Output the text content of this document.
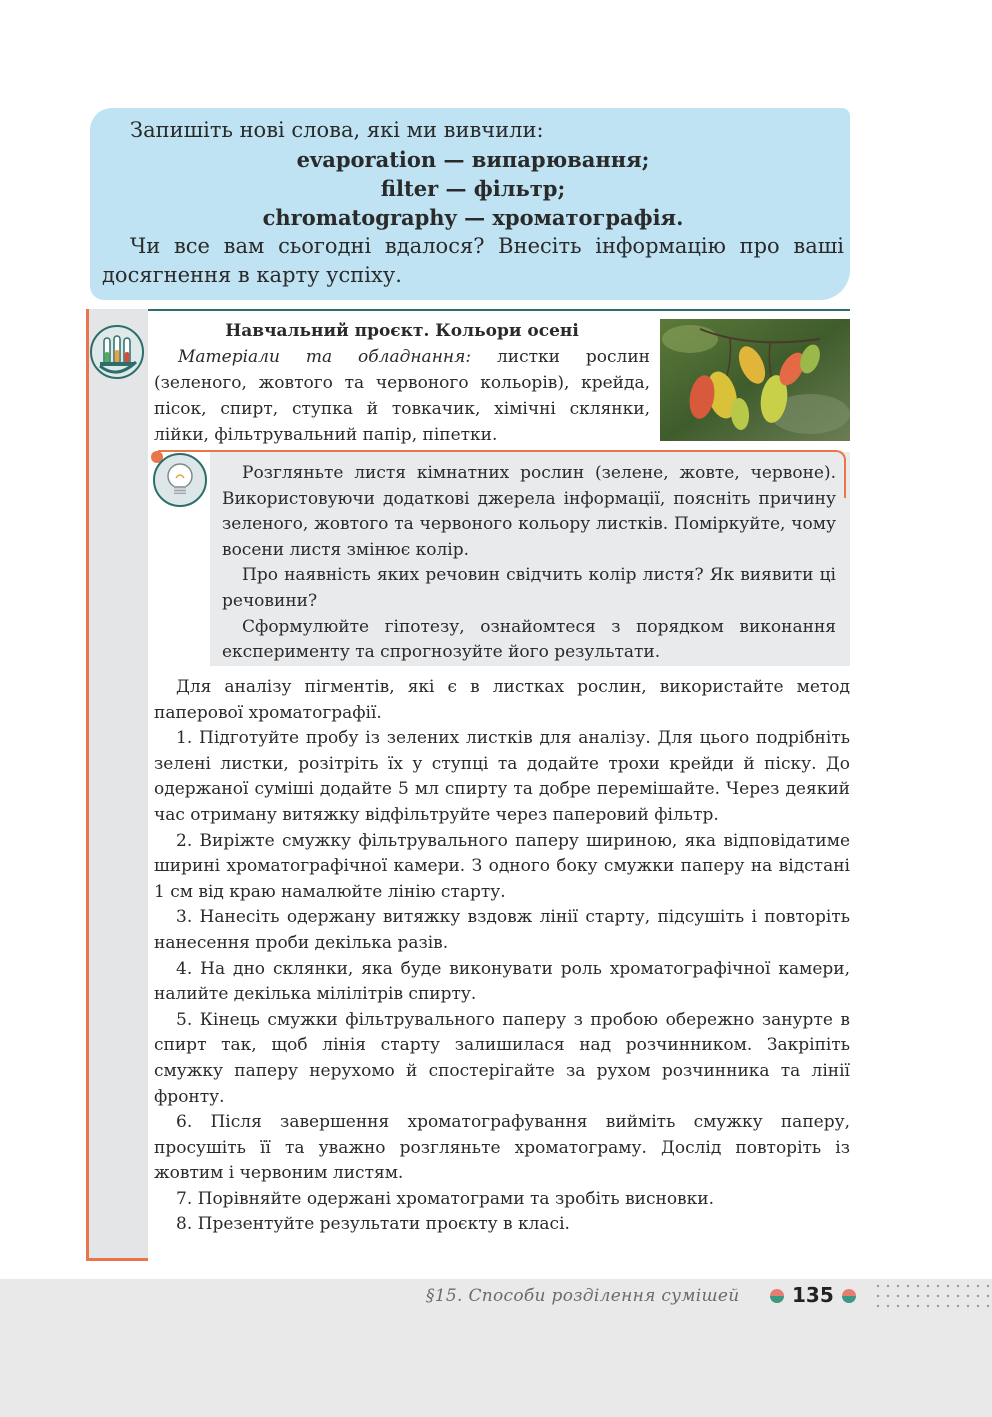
Запишіть нові слова, які ми вивчили:
evaporation — випарювання;
filter — фільтр;
chromatography — хроматографія.
Чи все вам сьогодні вдалося? Внесіть інформацію про ваші досягнення в карту успіху.
Навчальний проєкт. Кольори осені
Матеріали та обладнання: листки рослин (зеленого, жовтого та червоного кольорів), крейда, пісок, спирт, ступка й товкачик, хімічні склянки, лійки, фільтрувальний папір, піпетки.

Розгляньте листя кімнатних рослин (зелене, жовте, червоне). Використовуючи додаткові джерела інформації, поясніть причину зеленого, жовтого та червоного кольору листків. Поміркуйте, чому восени листя змінює колір.

Про наявність яких речовин свідчить колір листя? Як виявити ці речовини?

Сформулюйте гіпотезу, ознайомтеся з порядком виконання експерименту та спрогнозуйте його результати.

Для аналізу пігментів, які є в листках рослин, використайте метод паперової хроматографії.

1. Підготуйте пробу із зелених листків для аналізу. Для цього подрібніть зелені листки, розітріть їх у ступці та додайте трохи крейди й піску. До одержаної суміші додайте 5 мл спирту та добре перемішайте. Через деякий час отриману витяжку відфільтруйте через паперовий фільтр.

2. Виріжте смужку фільтрувального паперу шириною, яка відповідатиме ширині хроматографічної камери. З одного боку смужки паперу на відстані 1 см від краю намалюйте лінію старту.

3. Нанесіть одержану витяжку вздовж лінії старту, підсушіть і повторіть нанесення проби декілька разів.

4. На дно склянки, яка буде виконувати роль хроматографічної камери, налийте декілька мілілітрів спирту.

5. Кінець смужки фільтрувального паперу з пробою обережно занурте в спирт так, щоб лінія старту залишилася над розчинником. Закріпіть смужку паперу нерухомо й спостерігайте за рухом розчинника та лінії фронту.

6. Після завершення хроматографування вийміть смужку паперу, просушіть її та уважно розгляньте хроматограму. Дослід повторіть із жовтим і червоним листям.

7. Порівняйте одержані хроматограми та зробіть висновки.

8. Презентуйте результати проєкту в класі.

§15. Способи розділення сумішей	135
